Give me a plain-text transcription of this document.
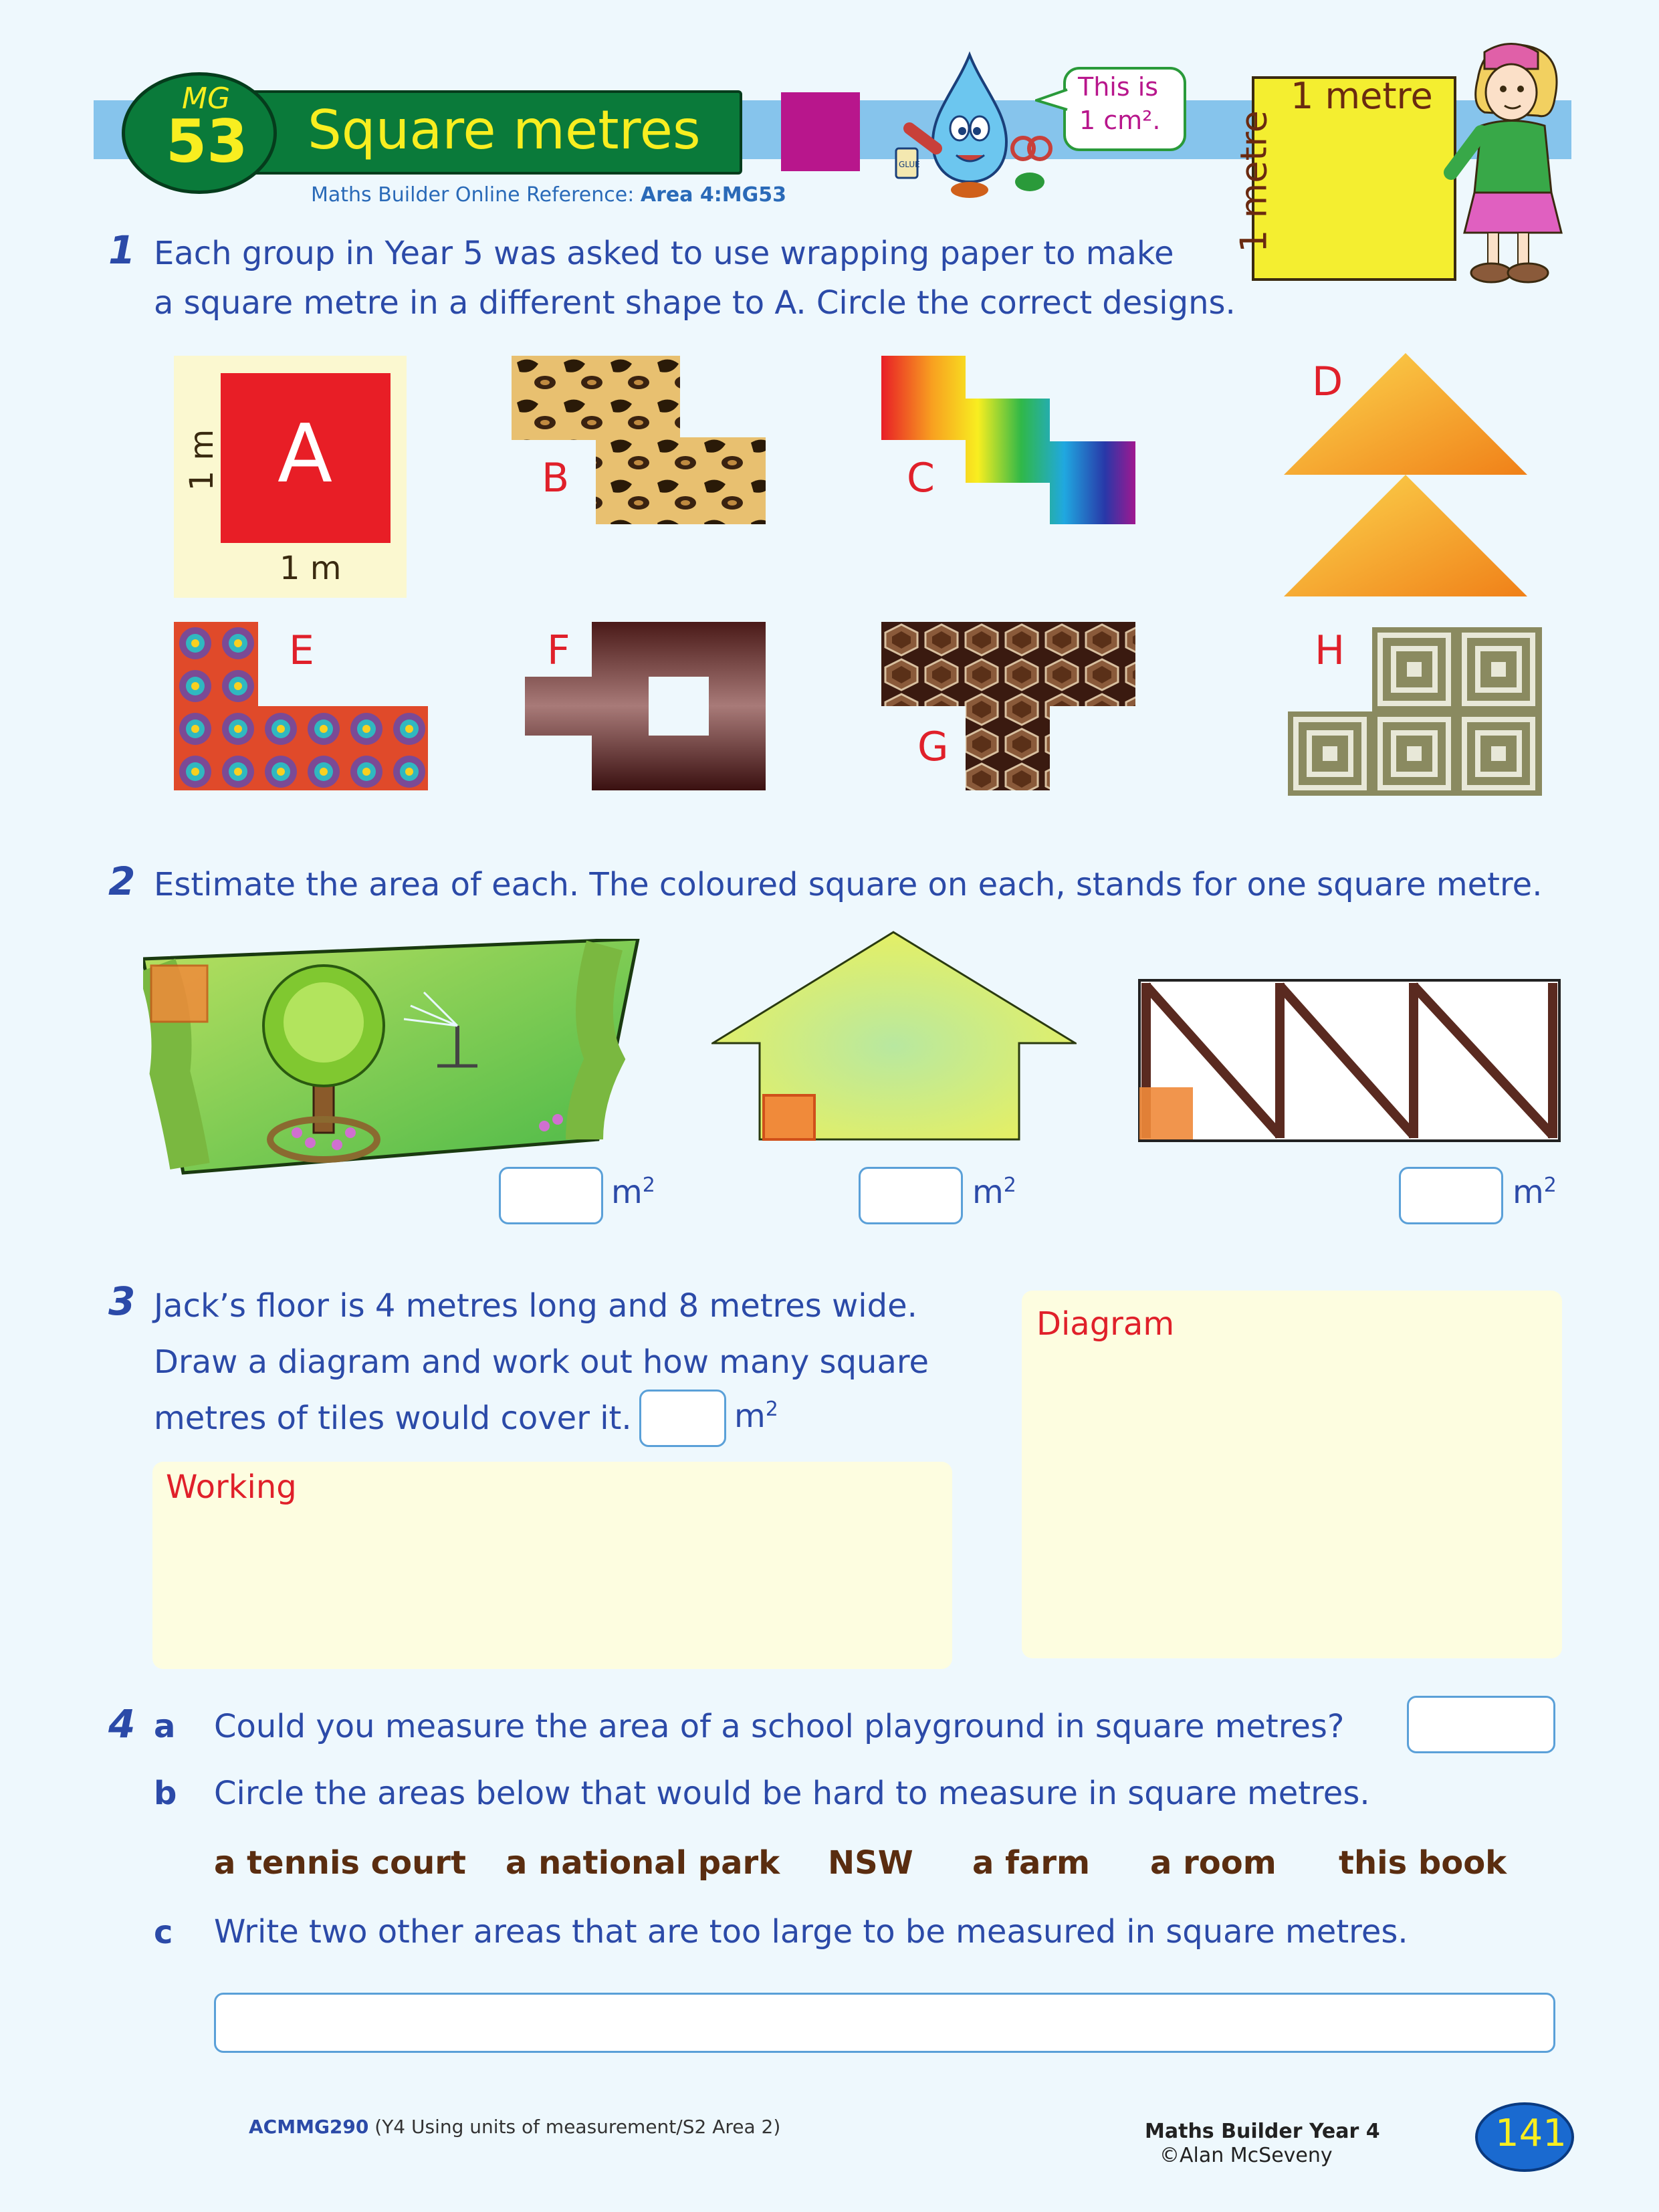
Square metres
MG
53
Maths Builder Online Reference: Area 4:MG53
GLUE
This is
1 cm².
1 metre
1 metre
1 Each group in Year 5 was asked to use wrapping paper to make
a square metre in a different shape to A. Circle the correct designs.
A
1 m
1 m
B	C
D
E	F
G
H
2 Estimate the area of each. The coloured square on each, stands for one square metre.
$m^2$	$m^2$	$m^2$
3 Jack’s floor is 4 metres long and 8 metres wide.
Draw a diagram and work out how many square
metres of tiles would cover it.	$m^2$
Diagram
Working
4 a Could you measure the area of a school playground in square metres?
b Circle the areas below that would be hard to measure in square metres.
a tennis court a national park NSW a farm a room this book
c Write two other areas that are too large to be measured in square metres.
ACMMG290 (Y4 Using units of measurement/S2 Area 2)	Maths Builder Year 4
©Alan McSeveny
141
